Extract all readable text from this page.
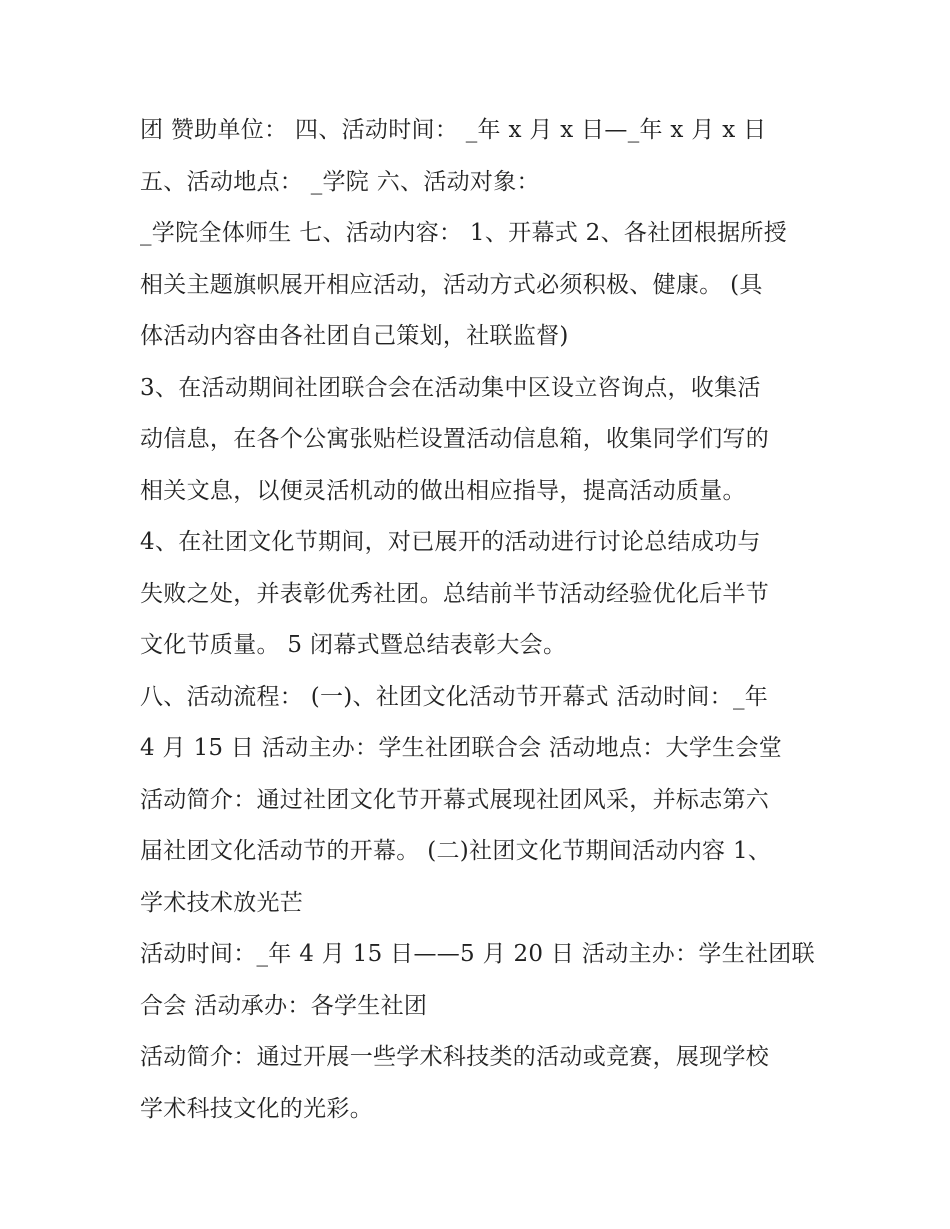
团 赞助单位： 四、活动时间： _年 x 月 x 日—_年 x 月 x 日
五、活动地点： _学院 六、活动对象：
_学院全体师生 七、活动内容： 1、开幕式 2、各社团根据所授
相关主题旗帜展开相应活动，活动方式必须积极、健康。 (具
体活动内容由各社团自己策划，社联监督)
3、在活动期间社团联合会在活动集中区设立咨询点，收集活
动信息，在各个公寓张贴栏设置活动信息箱，收集同学们写的
相关文息，以便灵活机动的做出相应指导，提高活动质量。
4、在社团文化节期间，对已展开的活动进行讨论总结成功与
失败之处，并表彰优秀社团。总结前半节活动经验优化后半节
文化节质量。 5 闭幕式暨总结表彰大会。
八、活动流程： (一)、社团文化活动节开幕式 活动时间：_年
4 月 15 日 活动主办：学生社团联合会 活动地点：大学生会堂
活动简介：通过社团文化节开幕式展现社团风采，并标志第六
届社团文化活动节的开幕。 (二)社团文化节期间活动内容 1、
学术技术放光芒
活动时间：_年 4 月 15 日——5 月 20 日 活动主办：学生社团联
合会 活动承办：各学生社团
活动简介：通过开展一些学术科技类的活动或竞赛，展现学校
学术科技文化的光彩。
